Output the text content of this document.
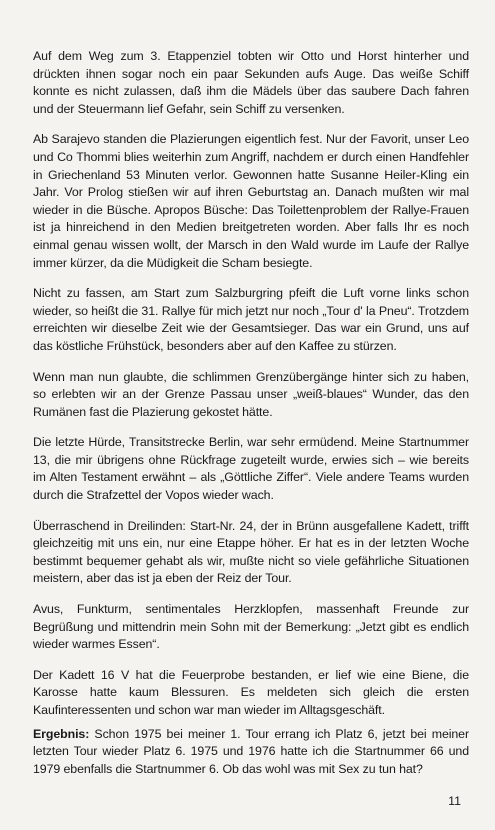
Auf dem Weg zum 3. Etappenziel tobten wir Otto und Horst hinterher und drückten ihnen sogar noch ein paar Sekunden aufs Auge. Das weiße Schiff konnte es nicht zulassen, daß ihm die Mädels über das saubere Dach fahren und der Steuermann lief Gefahr, sein Schiff zu versenken.

Ab Sarajevo standen die Plazierungen eigentlich fest. Nur der Favorit, unser Leo und Co Thommi blies weiterhin zum Angriff, nachdem er durch einen Handfehler in Griechenland 53 Minuten verlor. Gewonnen hatte Susanne Heiler-Kling ein Jahr. Vor Prolog stießen wir auf ihren Geburtstag an. Danach mußten wir mal wieder in die Büsche. Apropos Büsche: Das Toilettenproblem der Rallye-Frauen ist ja hinreichend in den Medien breitgetreten worden. Aber falls Ihr es noch einmal genau wissen wollt, der Marsch in den Wald wurde im Laufe der Rallye immer kürzer, da die Müdigkeit die Scham besiegte.

Nicht zu fassen, am Start zum Salzburgring pfeift die Luft vorne links schon wieder, so heißt die 31. Rallye für mich jetzt nur noch „Tour d' la Pneu“. Trotzdem erreichten wir dieselbe Zeit wie der Gesamtsieger. Das war ein Grund, uns auf das köstliche Frühstück, besonders aber auf den Kaffee zu stürzen.

Wenn man nun glaubte, die schlimmen Grenzübergänge hinter sich zu haben, so erlebten wir an der Grenze Passau unser „weiß-blaues“ Wunder, das den Rumänen fast die Plazierung gekostet hätte.

Die letzte Hürde, Transitstrecke Berlin, war sehr ermüdend. Meine Startnummer 13, die mir übrigens ohne Rückfrage zugeteilt wurde, erwies sich – wie bereits im Alten Testament erwähnt – als „Göttliche Ziffer“. Viele andere Teams wurden durch die Strafzettel der Vopos wieder wach.

Überraschend in Dreilinden: Start-Nr. 24, der in Brünn ausgefallene Kadett, trifft gleichzeitig mit uns ein, nur eine Etappe höher. Er hat es in der letzten Woche bestimmt bequemer gehabt als wir, mußte nicht so viele gefährliche Situationen meistern, aber das ist ja eben der Reiz der Tour.

Avus, Funkturm, sentimentales Herzklopfen, massenhaft Freunde zur Begrüßung und mittendrin mein Sohn mit der Bemerkung: „Jetzt gibt es endlich wieder warmes Essen“.

Der Kadett 16 V hat die Feuerprobe bestanden, er lief wie eine Biene, die Karosse hatte kaum Blessuren. Es meldeten sich gleich die ersten Kaufinteressenten und schon war man wieder im Alltagsgeschäft.

Ergebnis: Schon 1975 bei meiner 1. Tour errang ich Platz 6, jetzt bei meiner letzten Tour wieder Platz 6. 1975 und 1976 hatte ich die Startnummer 66 und 1979 ebenfalls die Startnummer 6. Ob das wohl was mit Sex zu tun hat?

11
